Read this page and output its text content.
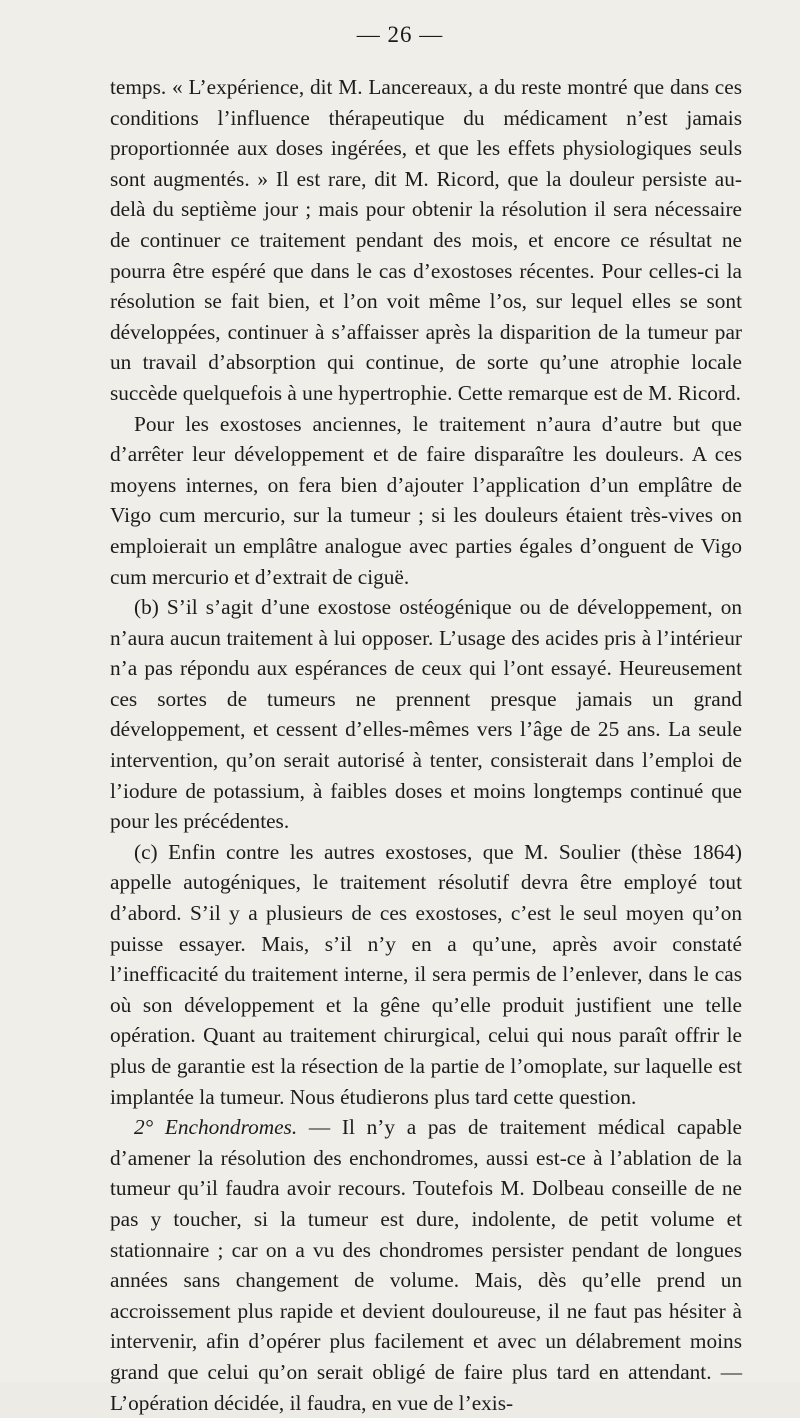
— 26 —

temps. « L’expérience, dit M. Lancereaux, a du reste montré que dans ces conditions l’influence thérapeutique du médicament n’est jamais proportionnée aux doses ingérées, et que les effets physiologiques seuls sont augmentés. » Il est rare, dit M. Ricord, que la douleur persiste au-delà du septième jour ; mais pour obtenir la résolution il sera nécessaire de continuer ce traitement pendant des mois, et encore ce résultat ne pourra être espéré que dans le cas d’exostoses récentes. Pour celles-ci la résolution se fait bien, et l’on voit même l’os, sur lequel elles se sont développées, continuer à s’affaisser après la disparition de la tumeur par un travail d’absorption qui continue, de sorte qu’une atrophie locale succède quelquefois à une hypertrophie. Cette remarque est de M. Ricord.

Pour les exostoses anciennes, le traitement n’aura d’autre but que d’arrêter leur développement et de faire disparaître les douleurs. A ces moyens internes, on fera bien d’ajouter l’application d’un emplâtre de Vigo cum mercurio, sur la tumeur ; si les douleurs étaient très-vives on emploierait un emplâtre analogue avec parties égales d’onguent de Vigo cum mercurio et d’extrait de ciguë.

(b) S’il s’agit d’une exostose ostéogénique ou de développement, on n’aura aucun traitement à lui opposer. L’usage des acides pris à l’intérieur n’a pas répondu aux espérances de ceux qui l’ont essayé. Heureusement ces sortes de tumeurs ne prennent presque jamais un grand développement, et cessent d’elles-mêmes vers l’âge de 25 ans. La seule intervention, qu’on serait autorisé à tenter, consisterait dans l’emploi de l’iodure de potassium, à faibles doses et moins longtemps continué que pour les précédentes.

(c) Enfin contre les autres exostoses, que M. Soulier (thèse 1864) appelle autogéniques, le traitement résolutif devra être employé tout d’abord. S’il y a plusieurs de ces exostoses, c’est le seul moyen qu’on puisse essayer. Mais, s’il n’y en a qu’une, après avoir constaté l’inefficacité du traitement interne, il sera permis de l’enlever, dans le cas où son développement et la gêne qu’elle produit justifient une telle opération. Quant au traitement chirurgical, celui qui nous paraît offrir le plus de garantie est la résection de la partie de l’omoplate, sur laquelle est implantée la tumeur. Nous étudierons plus tard cette question.

2° Enchondromes. — Il n’y a pas de traitement médical capable d’amener la résolution des enchondromes, aussi est-ce à l’ablation de la tumeur qu’il faudra avoir recours. Toutefois M. Dolbeau conseille de ne pas y toucher, si la tumeur est dure, indolente, de petit volume et stationnaire ; car on a vu des chondromes persister pendant de longues années sans changement de volume. Mais, dès qu’elle prend un accroissement plus rapide et devient douloureuse, il ne faut pas hésiter à intervenir, afin d’opérer plus facilement et avec un délabrement moins grand que celui qu’on serait obligé de faire plus tard en attendant. — L’opération décidée, il faudra, en vue de l’exis-
